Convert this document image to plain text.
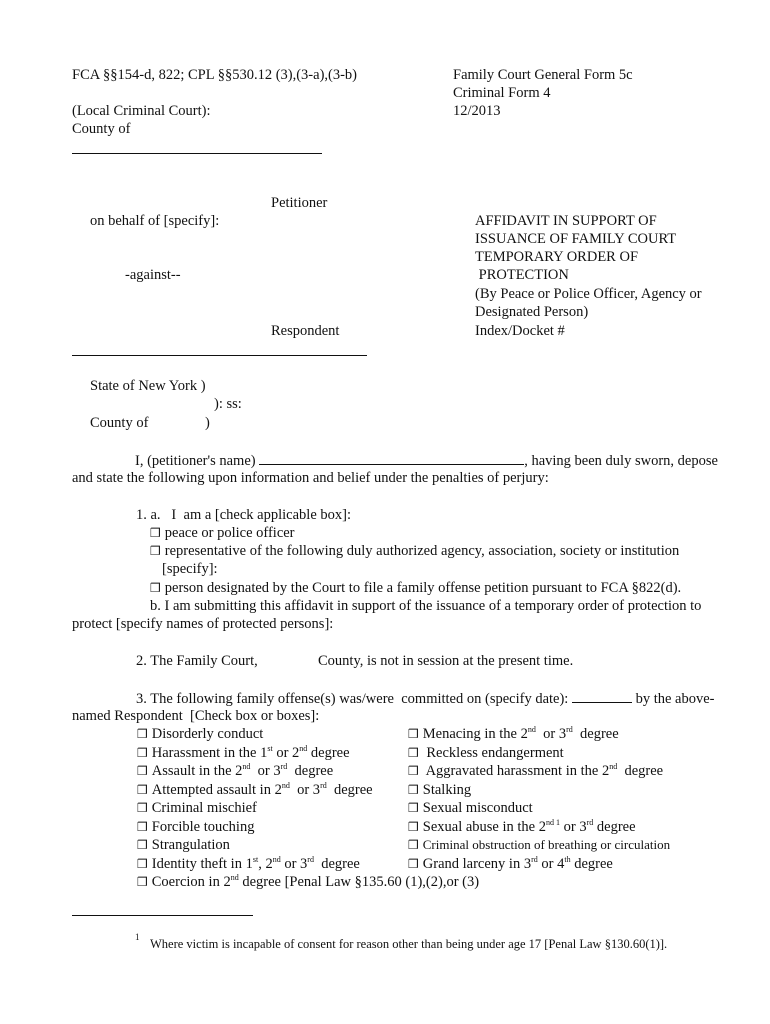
FCA §§154-d, 822; CPL §§530.12 (3),(3-a),(3-b)	Family Court General Form 5c
Criminal Form 4
12/2013
(Local Criminal Court):
County of
Petitioner
on behalf of [specify]:
-against--
Respondent
AFFIDAVIT IN SUPPORT OF
ISSUANCE OF FAMILY COURT
TEMPORARY ORDER OF
PROTECTION
(By Peace or Police Officer, Agency or
Designated Person)
Index/Docket #
State of New York )
): ss:
County of	)
I, (petitioner's name)	, having been duly sworn, depose
and state the following upon information and belief under the penalties of perjury:
1. a.   I  am a [check applicable box]:
❒ peace or police officer
❒ representative of the following duly authorized agency, association, society or institution
[specify]:
❒ person designated by the Court to file a family offense petition pursuant to FCA §822(d).
b. I am submitting this affidavit in support of the issuance of a temporary order of protection to
protect [specify names of protected persons]:
2. The Family Court,	County, is not in session at the present time.
3. The following family offense(s) was/were  committed on (specify date):	by the above-
named Respondent  [Check box or boxes]:
❒ Disorderly conduct
❒ Harassment in the 1st or 2nd degree
❒ Assault in the 2nd  or 3rd  degree
❒ Attempted assault in 2nd  or 3rd  degree
❒ Criminal mischief
❒ Forcible touching
❒ Strangulation
❒ Identity theft in 1st, 2nd or 3rd  degree
❒ Coercion in 2nd degree [Penal Law §135.60 (1),(2),or (3)
❒ Menacing in the 2nd  or 3rd  degree
❒ Reckless endangerment
❒ Aggravated harassment in the 2nd  degree
❒ Stalking
❒ Sexual misconduct
❒ Sexual abuse in the 2nd $^1$ or 3rd degree
❒ Criminal obstruction of breathing or circulation
❒ Grand larceny in 3rd or 4th degree
1 Where victim is incapable of consent for reason other than being under age 17 [Penal Law §130.60(1)].
